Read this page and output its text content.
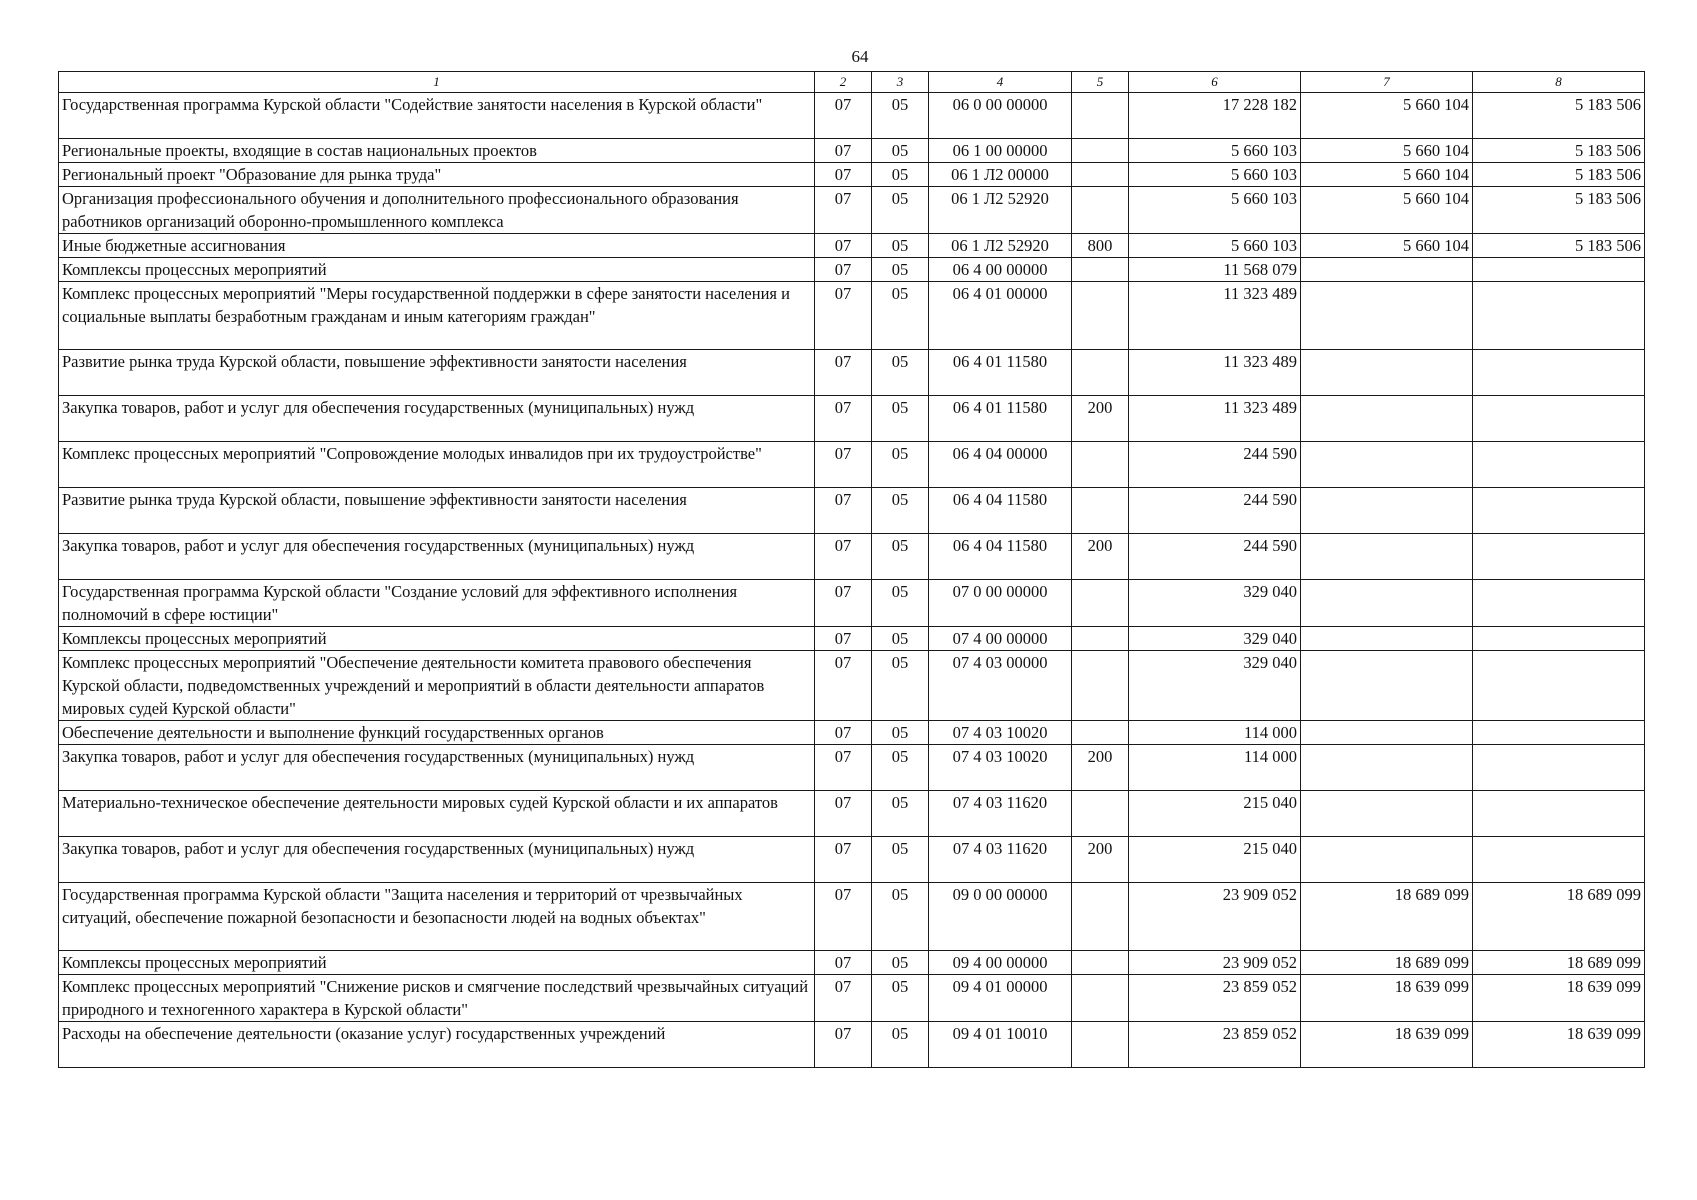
64
1	2	3	4	5	6	7	8
Государственная программа Курской области "Содействие занятости населения в Курской области"	07	05	06 0 00 00000		17 228 182	5 660 104	5 183 506
Региональные проекты, входящие в состав национальных проектов	07	05	06 1 00 00000		5 660 103	5 660 104	5 183 506
Региональный проект "Образование для рынка труда"	07	05	06 1 Л2 00000		5 660 103	5 660 104	5 183 506
Организация профессионального обучения и дополнительного профессионального образования работников организаций оборонно-промышленного комплекса	07	05	06 1 Л2 52920		5 660 103	5 660 104	5 183 506
Иные бюджетные ассигнования	07	05	06 1 Л2 52920	800	5 660 103	5 660 104	5 183 506
Комплексы процессных мероприятий	07	05	06 4 00 00000		11 568 079		
Комплекс процессных мероприятий "Меры государственной поддержки в сфере занятости населения и социальные выплаты безработным гражданам и иным категориям граждан"	07	05	06 4 01 00000		11 323 489		
Развитие рынка труда Курской области, повышение эффективности занятости населения	07	05	06 4 01 11580		11 323 489		
Закупка товаров, работ и услуг для обеспечения государственных (муниципальных) нужд	07	05	06 4 01 11580	200	11 323 489		
Комплекс процессных мероприятий "Сопровождение молодых инвалидов при их трудоустройстве"	07	05	06 4 04 00000		244 590		
Развитие рынка труда Курской области, повышение эффективности занятости населения	07	05	06 4 04 11580		244 590		
Закупка товаров, работ и услуг для обеспечения государственных (муниципальных) нужд	07	05	06 4 04 11580	200	244 590		
Государственная программа Курской области "Создание условий для эффективного исполнения полномочий в сфере юстиции"	07	05	07 0 00 00000		329 040		
Комплексы процессных мероприятий	07	05	07 4 00 00000		329 040		
Комплекс процессных мероприятий "Обеспечение деятельности комитета правового обеспечения Курской области, подведомственных учреждений и мероприятий в области деятельности аппаратов мировых судей Курской области"	07	05	07 4 03 00000		329 040		
Обеспечение деятельности и выполнение функций государственных органов	07	05	07 4 03 10020		114 000		
Закупка товаров, работ и услуг для обеспечения государственных (муниципальных) нужд	07	05	07 4 03 10020	200	114 000		
Материально-техническое обеспечение деятельности мировых судей Курской области и их аппаратов	07	05	07 4 03 11620		215 040		
Закупка товаров, работ и услуг для обеспечения государственных (муниципальных) нужд	07	05	07 4 03 11620	200	215 040		
Государственная программа Курской области "Защита населения и территорий от чрезвычайных ситуаций, обеспечение пожарной безопасности и безопасности людей на водных объектах"	07	05	09 0 00 00000		23 909 052	18 689 099	18 689 099
Комплексы процессных мероприятий	07	05	09 4 00 00000		23 909 052	18 689 099	18 689 099
Комплекс процессных мероприятий "Снижение рисков и смягчение последствий чрезвычайных ситуаций природного и техногенного характера в Курской области"	07	05	09 4 01 00000		23 859 052	18 639 099	18 639 099
Расходы на обеспечение деятельности (оказание услуг) государственных учреждений	07	05	09 4 01 10010		23 859 052	18 639 099	18 639 099
